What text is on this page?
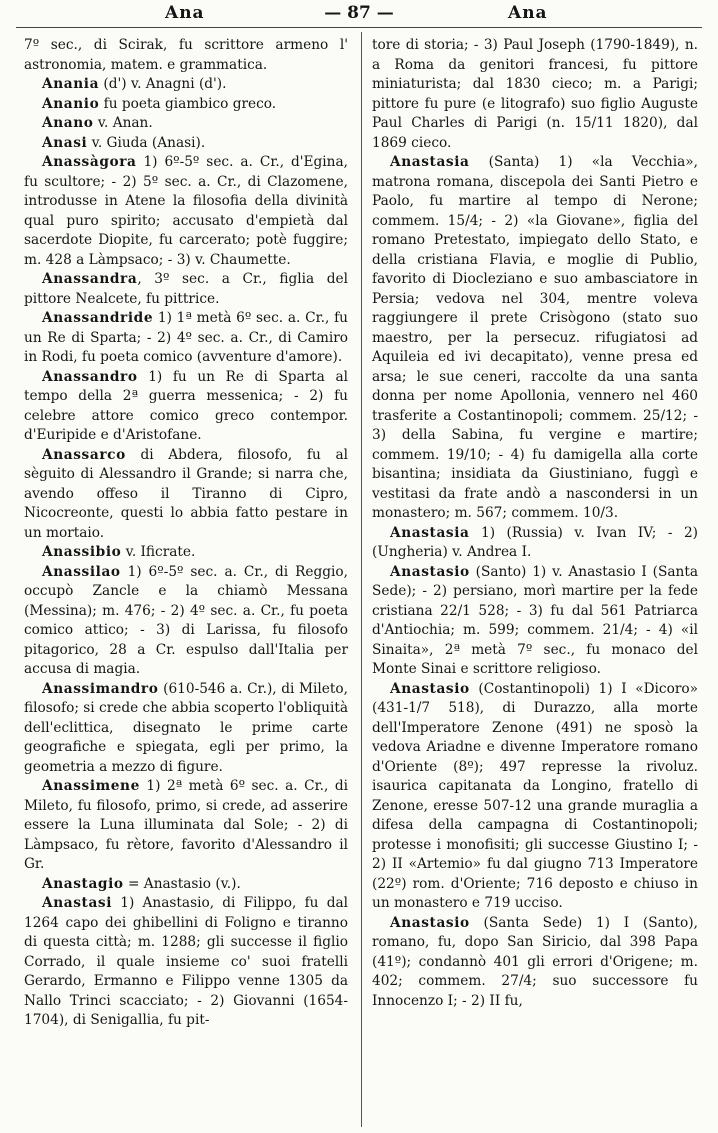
Ana	— 87 —	Ana

7º sec., di Scirak, fu scrittore armeno l' astronomia, matem. e grammatica.

Anania (d') v. Anagni (d').

Ananio fu poeta giambico greco.

Anano v. Anan.

Anasi v. Giuda (Anasi).

Anassàgora 1) 6º-5º sec. a. Cr., d'Egina, fu scultore; - 2) 5º sec. a. Cr., di Clazomene, introdusse in Atene la filosofia della divinità qual puro spirito; accusato d'empietà dal sacerdote Diopite, fu carcerato; potè fuggire; m. 428 a Làmpsaco; - 3) v. Chaumette.

Anassandra, 3º sec. a Cr., figlia del pittore Nealcete, fu pittrice.

Anassandride 1) 1ª metà 6º sec. a. Cr., fu un Re di Sparta; - 2) 4º sec. a. Cr., di Camiro in Rodi, fu poeta comico (avventure d'amore).

Anassandro 1) fu un Re di Sparta al tempo della 2ª guerra messenica; - 2) fu celebre attore comico greco contempor. d'Euripide e d'Aristofane.

Anassarco di Abdera, filosofo, fu al sèguito di Alessandro il Grande; si narra che, avendo offeso il Tiranno di Cipro, Nicocreonte, questi lo abbia fatto pestare in un mortaio.

Anassibio v. Ificrate.

Anassilao 1) 6º-5º sec. a. Cr., di Reggio, occupò Zancle e la chiamò Messana (Messina); m. 476; - 2) 4º sec. a. Cr., fu poeta comico attico; - 3) di Larissa, fu filosofo pitagorico, 28 a Cr. espulso dall'Italia per accusa di magia.

Anassimandro (610-546 a. Cr.), di Mileto, filosofo; si crede che abbia scoperto l'obliquità dell'eclittica, disegnato le prime carte geografiche e spiegata, egli per primo, la geometria a mezzo di figure.

Anassimene 1) 2ª metà 6º sec. a. Cr., di Mileto, fu filosofo, primo, si crede, ad asserire essere la Luna illuminata dal Sole; - 2) di Làmpsaco, fu rètore, favorito d'Alessandro il Gr.

Anastagio = Anastasio (v.).

Anastasi 1) Anastasio, di Filippo, fu dal 1264 capo dei ghibellini di Foligno e tiranno di questa città; m. 1288; gli successe il figlio Corrado, il quale insieme co' suoi fratelli Gerardo, Ermanno e Filippo venne 1305 da Nallo Trinci scacciato; - 2) Giovanni (1654-1704), di Senigallia, fu pit-

tore di storia; - 3) Paul Joseph (1790-1849), n. a Roma da genitori francesi, fu pittore miniaturista; dal 1830 cieco; m. a Parigi; pittore fu pure (e litografo) suo figlio Auguste Paul Charles di Parigi (n. 15/11 1820), dal 1869 cieco.

Anastasia (Santa) 1) «la Vecchia», matrona romana, discepola dei Santi Pietro e Paolo, fu martire al tempo di Nerone; commem. 15/4; - 2) «la Giovane», figlia del romano Pretestato, impiegato dello Stato, e della cristiana Flavia, e moglie di Publio, favorito di Diocleziano e suo ambasciatore in Persia; vedova nel 304, mentre voleva raggiungere il prete Crisògono (stato suo maestro, per la persecuz. rifugiatosi ad Aquileia ed ivi decapitato), venne presa ed arsa; le sue ceneri, raccolte da una santa donna per nome Apollonia, vennero nel 460 trasferite a Costantinopoli; commem. 25/12; - 3) della Sabina, fu vergine e martire; commem. 19/10; - 4) fu damigella alla corte bisantina; insidiata da Giustiniano, fuggì e vestitasi da frate andò a nascondersi in un monastero; m. 567; commem. 10/3.

Anastasia 1) (Russia) v. Ivan IV; - 2) (Ungheria) v. Andrea I.

Anastasio (Santo) 1) v. Anastasio I (Santa Sede); - 2) persiano, morì martire per la fede cristiana 22/1 528; - 3) fu dal 561 Patriarca d'Antiochia; m. 599; commem. 21/4; - 4) «il Sinaita», 2ª metà 7º sec., fu monaco del Monte Sinai e scrittore religioso.

Anastasio (Costantinopoli) 1) I «Dicoro» (431-1/7 518), di Durazzo, alla morte dell'Imperatore Zenone (491) ne sposò la vedova Ariadne e divenne Imperatore romano d'Oriente (8º); 497 represse la rivoluz. isaurica capitanata da Longino, fratello di Zenone, eresse 507-12 una grande muraglia a difesa della campagna di Costantinopoli; protesse i monofisiti; gli successe Giustino I; - 2) II «Artemio» fu dal giugno 713 Imperatore (22º) rom. d'Oriente; 716 deposto e chiuso in un monastero e 719 ucciso.

Anastasio (Santa Sede) 1) I (Santo), romano, fu, dopo San Siricio, dal 398 Papa (41º); condannò 401 gli errori d'Origene; m. 402; commem. 27/4; suo successore fu Innocenzo I; - 2) II fu,
